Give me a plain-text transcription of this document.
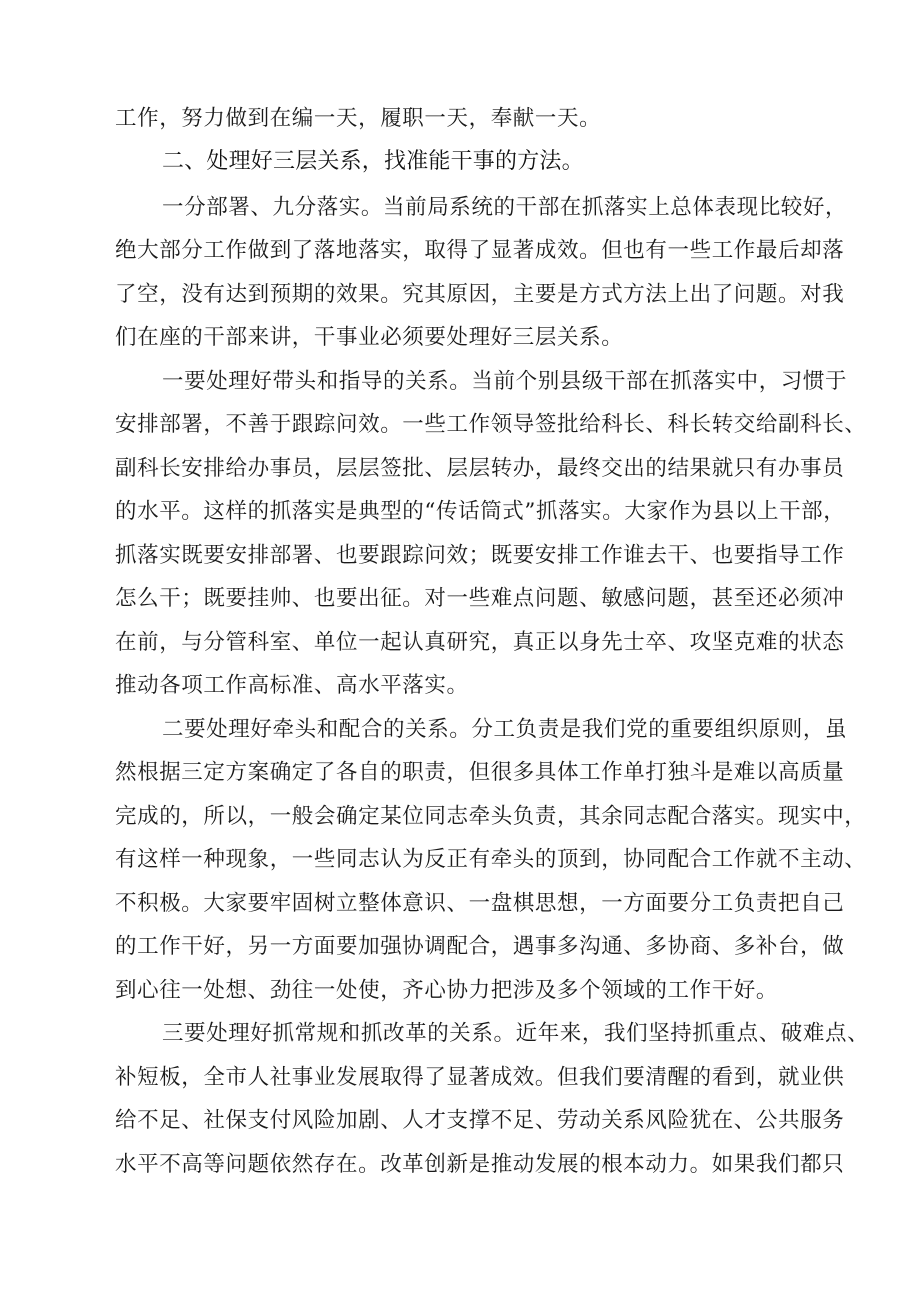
工作，努力做到在编一天，履职一天，奉献一天。
二、处理好三层关系，找准能干事的方法。
一分部署、九分落实。当前局系统的干部在抓落实上总体表现比较好，
绝大部分工作做到了落地落实，取得了显著成效。但也有一些工作最后却落
了空，没有达到预期的效果。究其原因，主要是方式方法上出了问题。对我
们在座的干部来讲，干事业必须要处理好三层关系。
一要处理好带头和指导的关系。当前个别县级干部在抓落实中，习惯于
安排部署，不善于跟踪问效。一些工作领导签批给科长、科长转交给副科长、
副科长安排给办事员，层层签批、层层转办，最终交出的结果就只有办事员
的水平。这样的抓落实是典型的“传话筒式”抓落实。大家作为县以上干部，
抓落实既要安排部署、也要跟踪问效；既要安排工作谁去干、也要指导工作
怎么干；既要挂帅、也要出征。对一些难点问题、敏感问题，甚至还必须冲
在前，与分管科室、单位一起认真研究，真正以身先士卒、攻坚克难的状态
推动各项工作高标准、高水平落实。
二要处理好牵头和配合的关系。分工负责是我们党的重要组织原则，虽
然根据三定方案确定了各自的职责，但很多具体工作单打独斗是难以高质量
完成的，所以，一般会确定某位同志牵头负责，其余同志配合落实。现实中，
有这样一种现象，一些同志认为反正有牵头的顶到，协同配合工作就不主动、
不积极。大家要牢固树立整体意识、一盘棋思想，一方面要分工负责把自己
的工作干好，另一方面要加强协调配合，遇事多沟通、多协商、多补台，做
到心往一处想、劲往一处使，齐心协力把涉及多个领域的工作干好。
三要处理好抓常规和抓改革的关系。近年来，我们坚持抓重点、破难点、
补短板，全市人社事业发展取得了显著成效。但我们要清醒的看到，就业供
给不足、社保支付风险加剧、人才支撑不足、劳动关系风险犹在、公共服务
水平不高等问题依然存在。改革创新是推动发展的根本动力。如果我们都只
